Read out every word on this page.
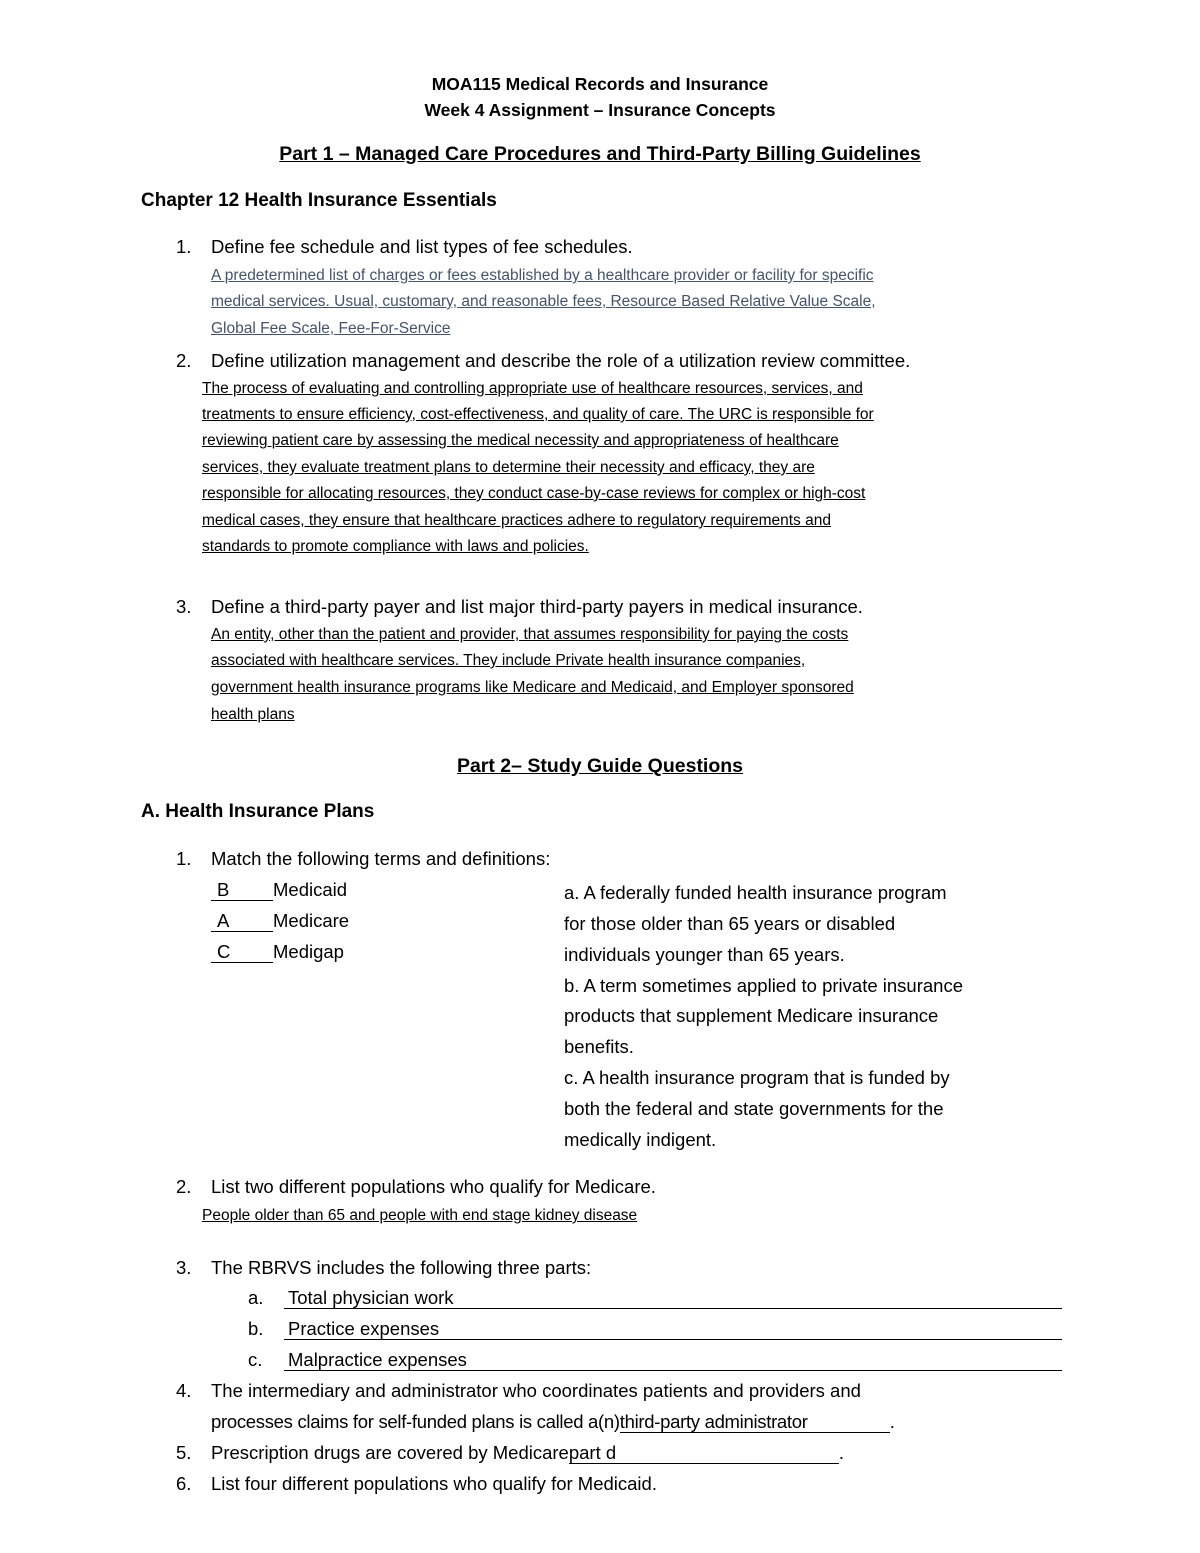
MOA115 Medical Records and Insurance
Week 4 Assignment – Insurance Concepts
Part 1 – Managed Care Procedures and Third-Party Billing Guidelines
Chapter 12 Health Insurance Essentials
1. Define fee schedule and list types of fee schedules.
A predetermined list of charges or fees established by a healthcare provider or facility for specific
medical services. Usual, customary, and reasonable fees, Resource Based Relative Value Scale,
Global Fee Scale, Fee-For-Service
2. Define utilization management and describe the role of a utilization review committee.
The process of evaluating and controlling appropriate use of healthcare resources, services, and
treatments to ensure efficiency, cost-effectiveness, and quality of care. The URC is responsible for
reviewing patient care by assessing the medical necessity and appropriateness of healthcare
services, they evaluate treatment plans to determine their necessity and efficacy, they are
responsible for allocating resources, they conduct case-by-case reviews for complex or high-cost
medical cases, they ensure that healthcare practices adhere to regulatory requirements and
standards to promote compliance with laws and policies.
3. Define a third-party payer and list major third-party payers in medical insurance.
An entity, other than the patient and provider, that assumes responsibility for paying the costs
associated with healthcare services. They include Private health insurance companies,
government health insurance programs like Medicare and Medicaid, and Employer sponsored
health plans
Part 2– Study Guide Questions
A. Health Insurance Plans
1. Match the following terms and definitions:
B Medicaid
A Medicare
C Medigap
a. A federally funded health insurance program
for those older than 65 years or disabled
individuals younger than 65 years.
b. A term sometimes applied to private insurance
products that supplement Medicare insurance
benefits.
c. A health insurance program that is funded by
both the federal and state governments for the
medically indigent.
2. List two different populations who qualify for Medicare.
People older than 65 and people with end stage kidney disease
3. The RBRVS includes the following three parts:
a. Total physician work
b. Practice expenses
c. Malpractice expenses
4. The intermediary and administrator who coordinates patients and providers and
processes claims for self-funded plans is called a(n)third-party administrator	.
5. Prescription drugs are covered by Medicarepart d	.
6. List four different populations who qualify for Medicaid.
